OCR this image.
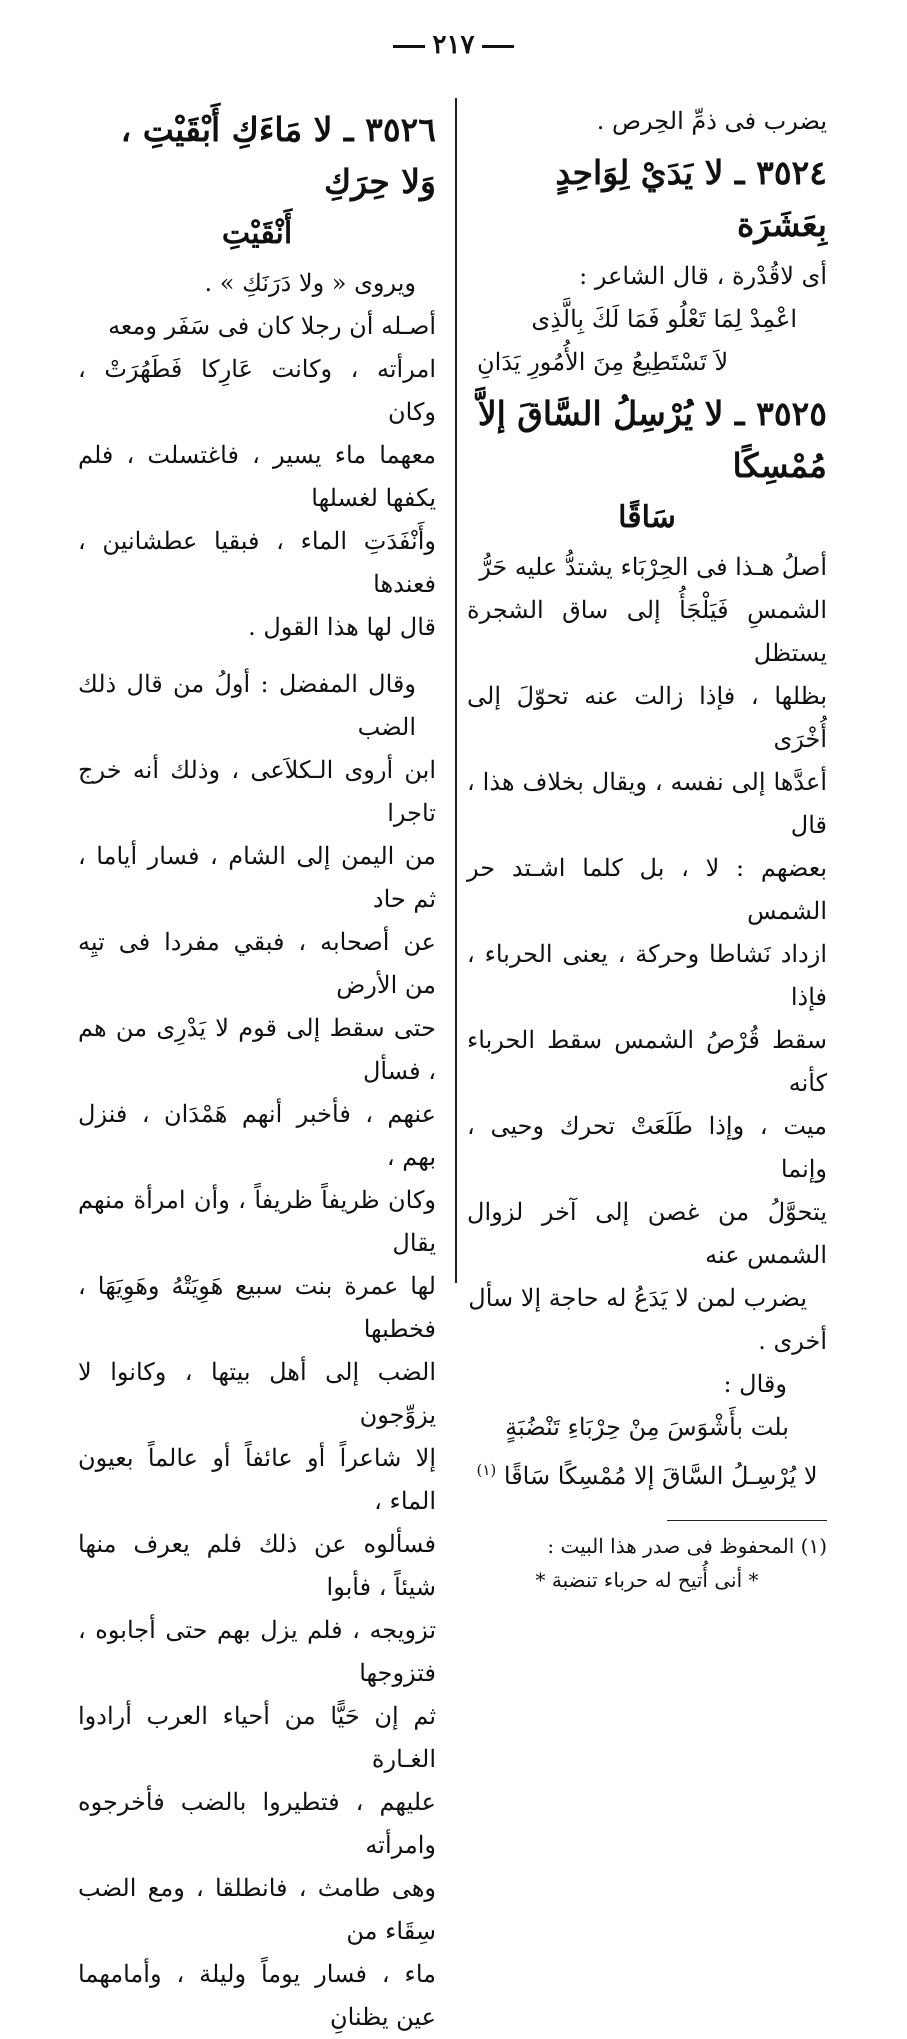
٢١٧

يضرب فى ذمِّ الحِرص .

٣٥٢٤ ـ لا يَدَيْ لِوَاحِدٍ بِعَشَرَة

أى لاقُدْرة ، قال الشاعر :

اعْمِدْ لِمَا تَعْلُو فَمَا لَكَ بِالَّذِى

لاَ تَسْتَطِيعُ مِنَ الأُمُورِ يَدَانِ

٣٥٢٥ ـ لا يُرْسِلُ السَّاقَ إلاَّ مُمْسِكًا
سَاقًا

أصلُ هـذا فى الحِرْبَاء يشتدُّ عليه حَرُّ

الشمسِ فَيَلْجَأُ إلى ساق الشجرة يستظل

بظلها ، فإذا زالت عنه تحوّلَ إلى أُخْرَى

أعدَّها إلى نفسه ، ويقال بخلاف هذا ، قال

بعضهم : لا ، بل كلما اشـتد حر الشمس

ازداد نَشاطا وحركة ، يعنى الحرباء ، فإذا

سقط قُرْصُ الشمس سقط الحرباء كأنه

ميت ، وإذا طَلَعَتْ تحرك وحيى ، وإنما

يتحوَّلُ من غصن إلى آخر لزوال الشمس عنه

يضرب لمن لا يَدَعُ له حاجة إلا سأل

أخرى .

وقال :

بلت بأَشْوَسَ مِنْ حِرْبَاءِ تَنْضُبَةٍ

لا يُرْسِـلُ السَّاقَ إلا مُمْسِكًا سَاقًا $^{(١)}$

(١) المحفوظ فى صدر هذا البيت :

* أنى أُتيح له حرباء تنضبة *

٣٥٢٦ ـ لا مَاءَكِ أَبْقَيْتِ ، وَلا حِرَكِ
أَنْقَيْتِ

ويروى « ولا دَرَنَكِ » .

أصـله أن رجلا كان فى سَفَر ومعه

امرأته ، وكانت عَارِكا فَطَهُرَتْ ، وكان

معهما ماء يسير ، فاغتسلت ، فلم يكفها لغسلها

وأَنْفَدَتِ الماء ، فبقيا عطشانين ، فعندها

قال لها هذا القول .

وقال المفضل : أولُ من قال ذلك الضب

ابن أروى الـكلاَعى ، وذلك أنه خرج تاجرا

من اليمن إلى الشام ، فسار أياما ، ثم حاد

عن أصحابه ، فبقي مفردا فى تيِه من الأرض

حتى سقط إلى قوم لا يَدْرِى من هم ، فسأل

عنهم ، فأخبر أنهم هَمْدَان ، فنزل بهم ،

وكان ظريفاً ظريفاً ، وأن امرأة منهم يقال

لها عمرة بنت سبيع هَوِيَتْهُ وهَوِيَهَا ، فخطبها

الضب إلى أهل بيتها ، وكانوا لا يزوِّجون

إلا شاعراً أو عائفاً أو عالماً بعيون الماء ،

فسألوه عن ذلك فلم يعرف منها شيئاً ، فأبوا

تزويجه ، فلم يزل بهم حتى أجابوه ، فتزوجها

ثم إن حَيًّا من أحياء العرب أرادوا الغـارة

عليهم ، فتطيروا بالضب فأخرجوه وامرأته

وهى طامث ، فانطلقا ، ومع الضب سِقَاء من

ماء ، فسار يوماً وليلة ، وأمامهما عين يظنانِ
